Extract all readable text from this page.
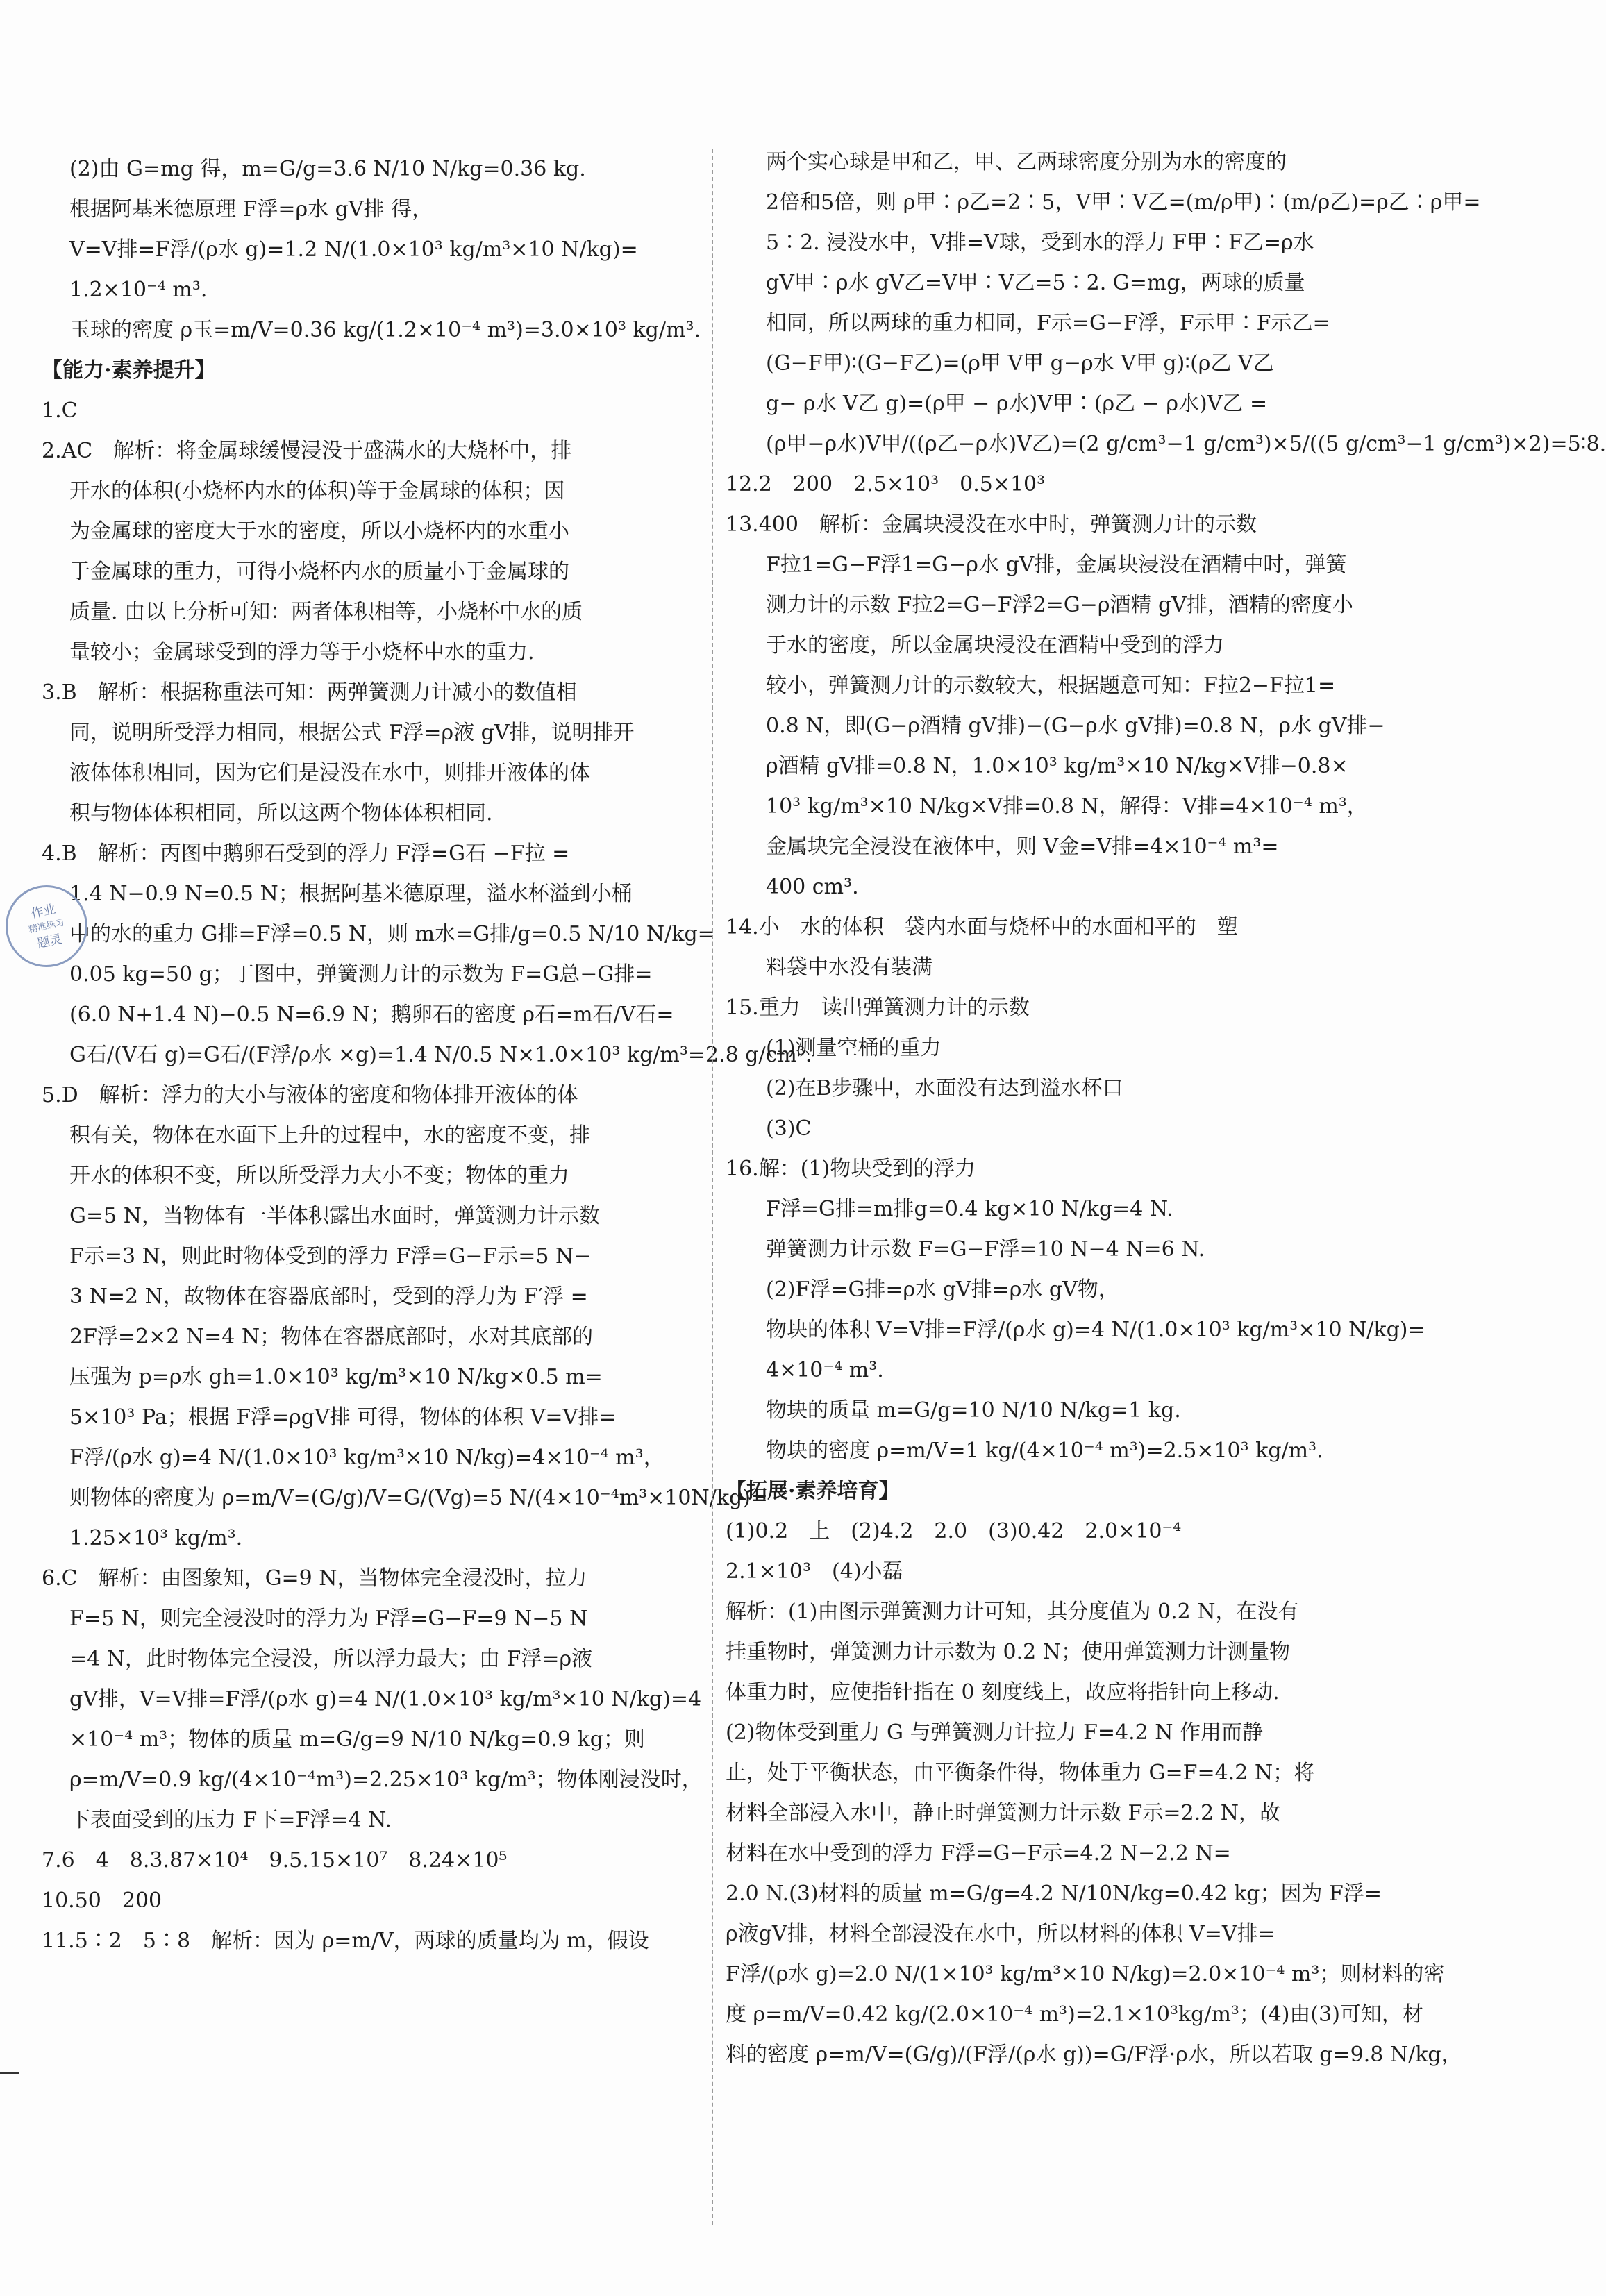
(2)由 G=mg 得，m=G/g=3.6 N/10 N/kg=0.36 kg.
根据阿基米德原理 F浮=ρ水 gV排 得，
V=V排=F浮/(ρ水 g)=1.2 N/(1.0×10³ kg/m³×10 N/kg)=
1.2×10⁻⁴ m³.
玉球的密度 ρ玉=m/V=0.36 kg/(1.2×10⁻⁴ m³)=3.0×10³ kg/m³.
【能力·素养提升】
1.C
2.AC　解析：将金属球缓慢浸没于盛满水的大烧杯中，排
开水的体积(小烧杯内水的体积)等于金属球的体积；因
为金属球的密度大于水的密度，所以小烧杯内的水重小
于金属球的重力，可得小烧杯内水的质量小于金属球的
质量. 由以上分析可知：两者体积相等，小烧杯中水的质
量较小；金属球受到的浮力等于小烧杯中水的重力.
3.B　解析：根据称重法可知：两弹簧测力计减小的数值相
同，说明所受浮力相同，根据公式 F浮=ρ液 gV排，说明排开
液体体积相同，因为它们是浸没在水中，则排开液体的体
积与物体体积相同，所以这两个物体体积相同.
4.B　解析：丙图中鹅卵石受到的浮力 F浮=G石 −F拉 =
1.4 N−0.9 N=0.5 N；根据阿基米德原理，溢水杯溢到小桶
中的水的重力 G排=F浮=0.5 N，则 m水=G排/g=0.5 N/10 N/kg=
0.05 kg=50 g；丁图中，弹簧测力计的示数为 F=G总−G排=
(6.0 N+1.4 N)−0.5 N=6.9 N；鹅卵石的密度 ρ石=m石/V石=
G石/(V石 g)=G石/(F浮/ρ水 ×g)=1.4 N/0.5 N×1.0×10³ kg/m³=2.8 g/cm³.
5.D　解析：浮力的大小与液体的密度和物体排开液体的体
积有关，物体在水面下上升的过程中，水的密度不变，排
开水的体积不变，所以所受浮力大小不变；物体的重力
G=5 N，当物体有一半体积露出水面时，弹簧测力计示数
F示=3 N，则此时物体受到的浮力 F浮=G−F示=5 N−
3 N=2 N，故物体在容器底部时，受到的浮力为 F′浮 =
2F浮=2×2 N=4 N；物体在容器底部时，水对其底部的
压强为 p=ρ水 gh=1.0×10³ kg/m³×10 N/kg×0.5 m=
5×10³ Pa；根据 F浮=ρgV排 可得，物体的体积 V=V排=
F浮/(ρ水 g)=4 N/(1.0×10³ kg/m³×10 N/kg)=4×10⁻⁴ m³，
则物体的密度为 ρ=m/V=(G/g)/V=G/(Vg)=5 N/(4×10⁻⁴m³×10N/kg)=
1.25×10³ kg/m³.
6.C　解析：由图象知，G=9 N，当物体完全浸没时，拉力
F=5 N，则完全浸没时的浮力为 F浮=G−F=9 N−5 N
=4 N，此时物体完全浸没，所以浮力最大；由 F浮=ρ液
gV排，V=V排=F浮/(ρ水 g)=4 N/(1.0×10³ kg/m³×10 N/kg)=4
×10⁻⁴ m³；物体的质量 m=G/g=9 N/10 N/kg=0.9 kg；则
ρ=m/V=0.9 kg/(4×10⁻⁴m³)=2.25×10³ kg/m³；物体刚浸没时，
下表面受到的压力 F下=F浮=4 N.
7.6　4　8.3.87×10⁴　9.5.15×10⁷　8.24×10⁵
10.50　200
11.5∶2　5∶8　解析：因为 ρ=m/V，两球的质量均为 m，假设
两个实心球是甲和乙，甲、乙两球密度分别为水的密度的
2倍和5倍，则 ρ甲∶ρ乙=2∶5，V甲∶V乙=(m/ρ甲)∶(m/ρ乙)=ρ乙∶ρ甲=
5∶2. 浸没水中，V排=V球，受到水的浮力 F甲∶F乙=ρ水
gV甲∶ρ水 gV乙=V甲∶V乙=5∶2. G=mg，两球的质量
相同，所以两球的重力相同，F示=G−F浮，F示甲∶F示乙=
(G−F甲)∶(G−F乙)=(ρ甲 V甲 g−ρ水 V甲 g)∶(ρ乙 V乙
g− ρ水 V乙 g)=(ρ甲 − ρ水)V甲∶(ρ乙 − ρ水)V乙 =
(ρ甲−ρ水)V甲/((ρ乙−ρ水)V乙)=(2 g/cm³−1 g/cm³)×5/((5 g/cm³−1 g/cm³)×2)=5∶8.
12.2　200　2.5×10³　0.5×10³
13.400　解析：金属块浸没在水中时，弹簧测力计的示数
F拉1=G−F浮1=G−ρ水 gV排，金属块浸没在酒精中时，弹簧
测力计的示数 F拉2=G−F浮2=G−ρ酒精 gV排，酒精的密度小
于水的密度，所以金属块浸没在酒精中受到的浮力
较小，弹簧测力计的示数较大，根据题意可知：F拉2−F拉1=
0.8 N，即(G−ρ酒精 gV排)−(G−ρ水 gV排)=0.8 N，ρ水 gV排−
ρ酒精 gV排=0.8 N，1.0×10³ kg/m³×10 N/kg×V排−0.8×
10³ kg/m³×10 N/kg×V排=0.8 N，解得：V排=4×10⁻⁴ m³，
金属块完全浸没在液体中，则 V金=V排=4×10⁻⁴ m³=
400 cm³.
14.小　水的体积　袋内水面与烧杯中的水面相平的　塑
料袋中水没有装满
15.重力　读出弹簧测力计的示数
(1)测量空桶的重力
(2)在B步骤中，水面没有达到溢水杯口
(3)C
16.解：(1)物块受到的浮力
F浮=G排=m排g=0.4 kg×10 N/kg=4 N.
弹簧测力计示数 F=G−F浮=10 N−4 N=6 N.
(2)F浮=G排=ρ水 gV排=ρ水 gV物，
物块的体积 V=V排=F浮/(ρ水 g)=4 N/(1.0×10³ kg/m³×10 N/kg)=
4×10⁻⁴ m³.
物块的质量 m=G/g=10 N/10 N/kg=1 kg.
物块的密度 ρ=m/V=1 kg/(4×10⁻⁴ m³)=2.5×10³ kg/m³.
【拓展·素养培育】
(1)0.2　上　(2)4.2　2.0　(3)0.42　2.0×10⁻⁴
2.1×10³　(4)小磊
解析：(1)由图示弹簧测力计可知，其分度值为 0.2 N，在没有
挂重物时，弹簧测力计示数为 0.2 N；使用弹簧测力计测量物
体重力时，应使指针指在 0 刻度线上，故应将指针向上移动.
(2)物体受到重力 G 与弹簧测力计拉力 F=4.2 N 作用而静
止，处于平衡状态，由平衡条件得，物体重力 G=F=4.2 N；将
材料全部浸入水中，静止时弹簧测力计示数 F示=2.2 N，故
材料在水中受到的浮力 F浮=G−F示=4.2 N−2.2 N=
2.0 N.(3)材料的质量 m=G/g=4.2 N/10N/kg=0.42 kg；因为 F浮=
ρ液gV排，材料全部浸没在水中，所以材料的体积 V=V排=
F浮/(ρ水 g)=2.0 N/(1×10³ kg/m³×10 N/kg)=2.0×10⁻⁴ m³；则材料的密
度 ρ=m/V=0.42 kg/(2.0×10⁻⁴ m³)=2.1×10³kg/m³；(4)由(3)可知，材
料的密度 ρ=m/V=(G/g)/(F浮/(ρ水 g))=G/F浮·ρ水，所以若取 g=9.8 N/kg，
作业
精准练习
题灵
